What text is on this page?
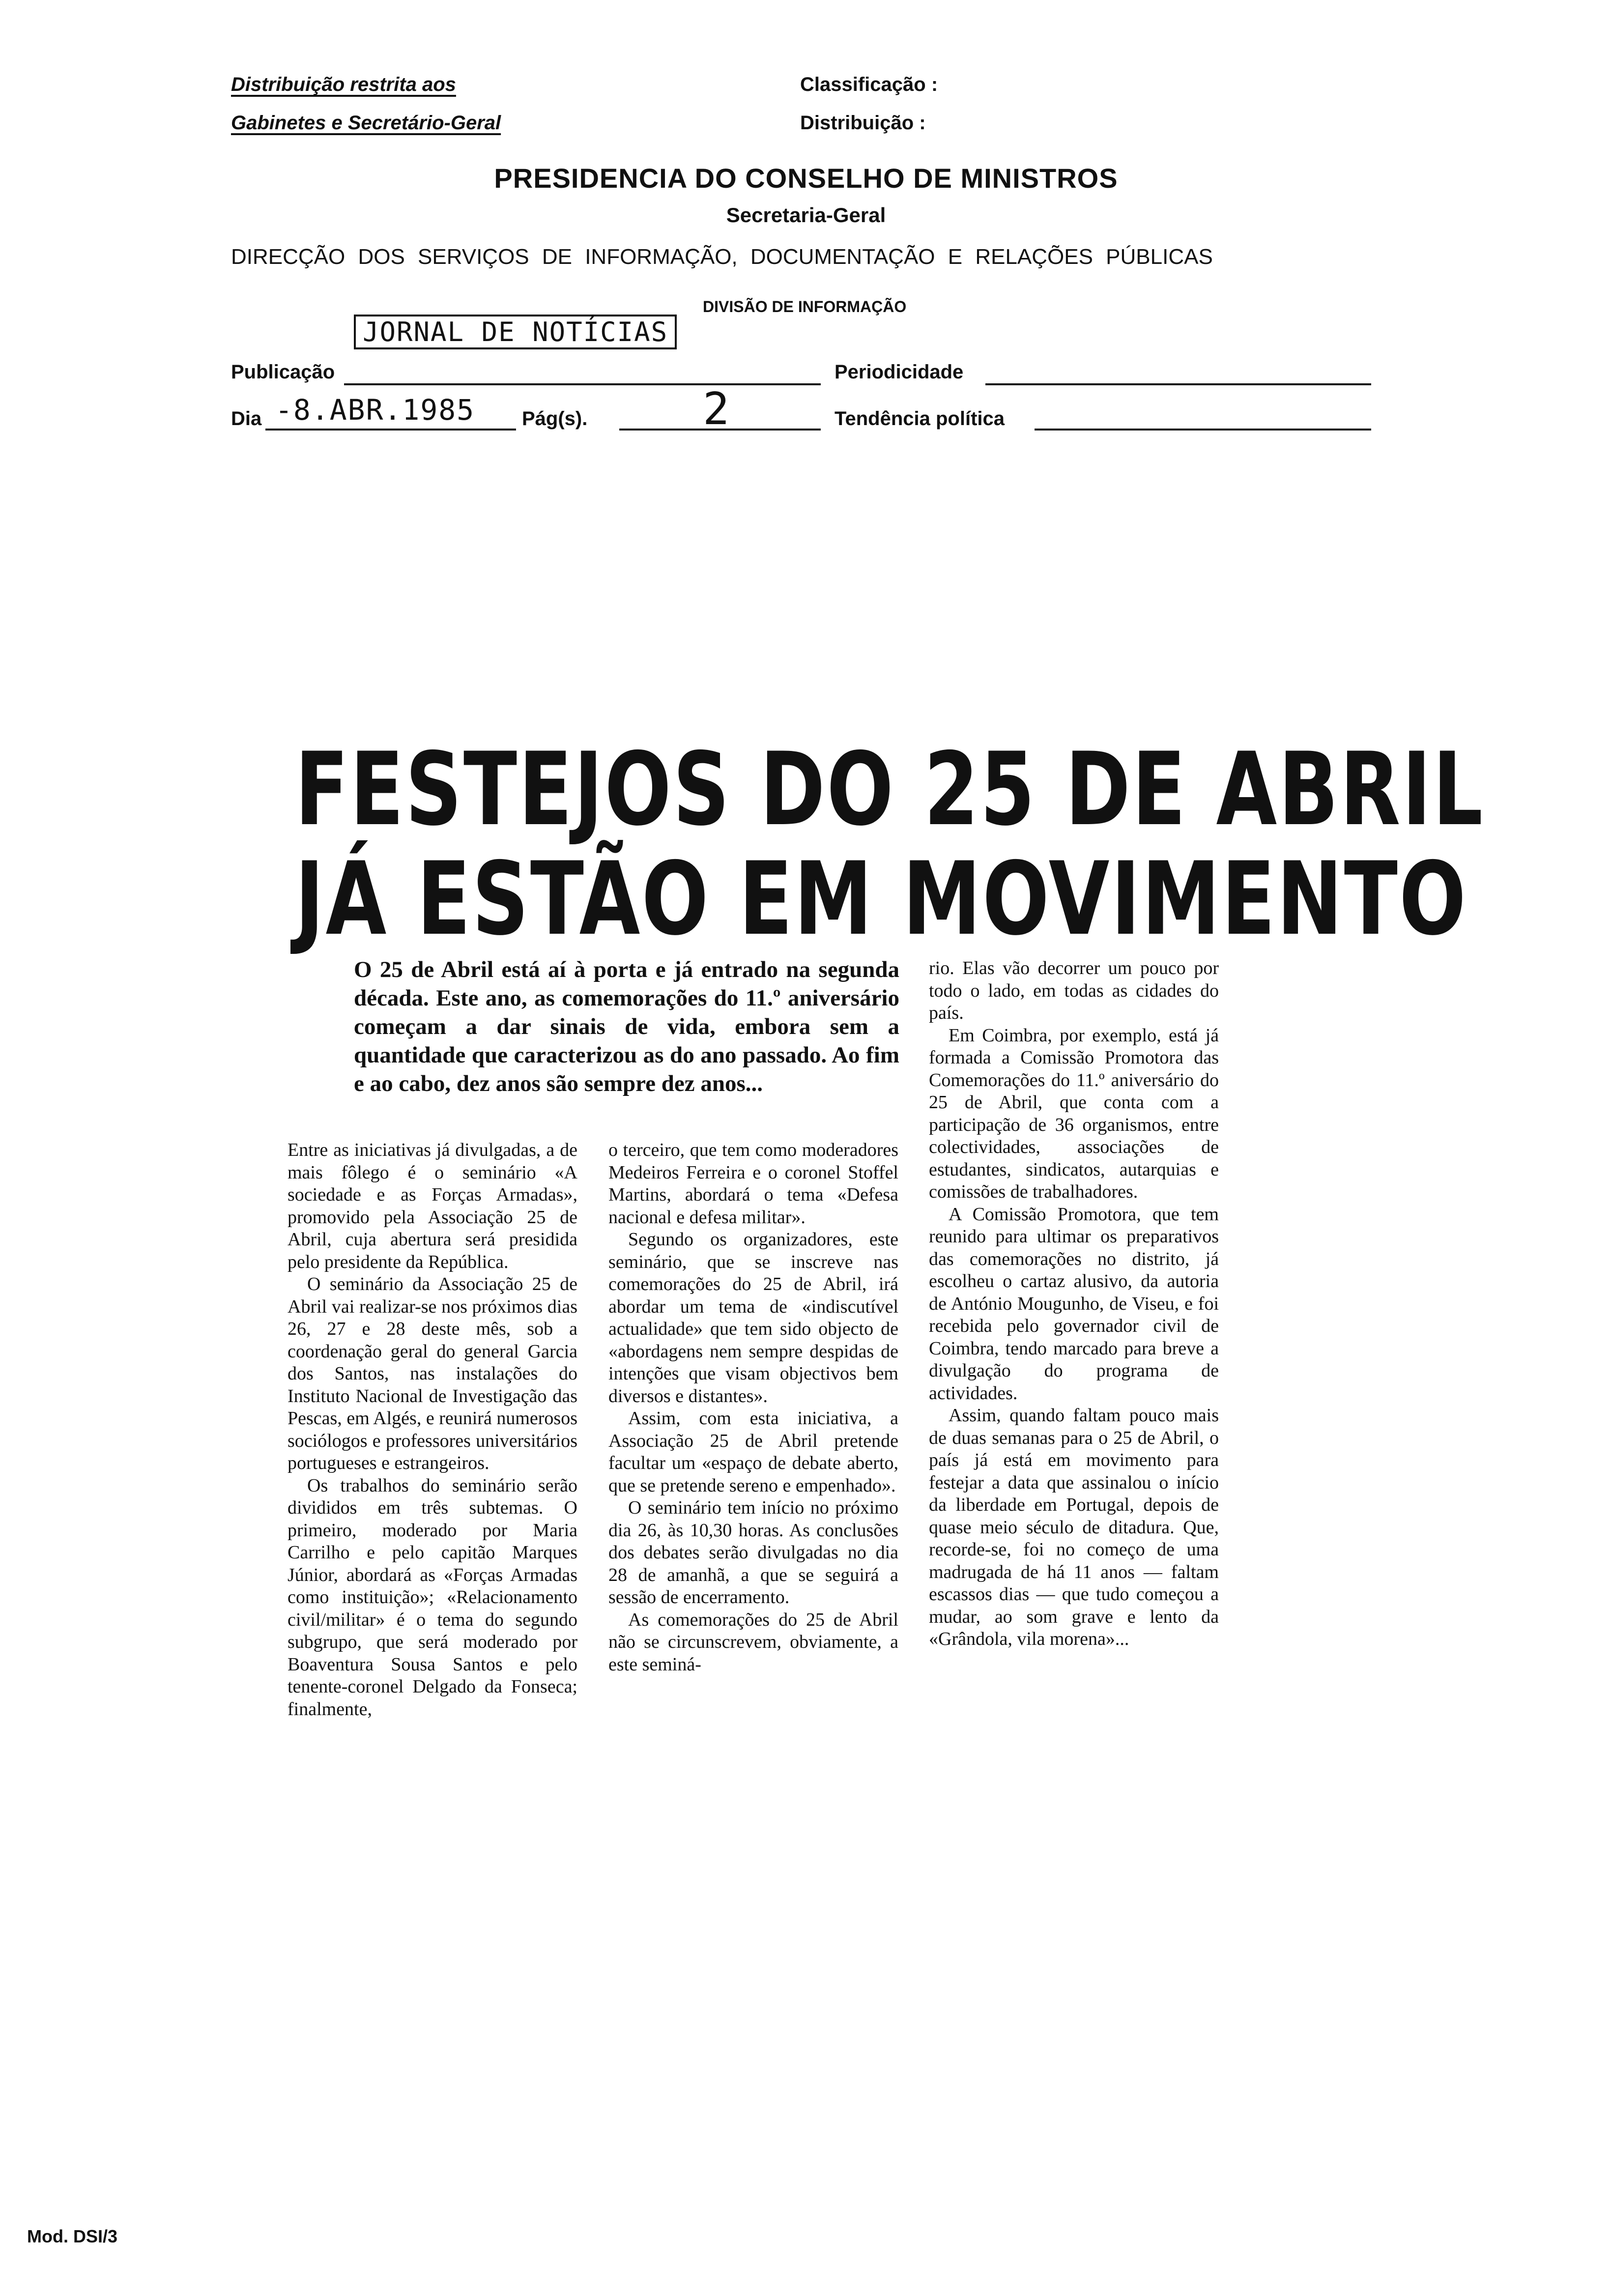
Distribuição restrita aos
Gabinetes e Secretário-Geral
Classificação :
Distribuição :
PRESIDENCIA DO CONSELHO DE MINISTROS
Secretaria-Geral
DIRECÇÃO DOS SERVIÇOS DE INFORMAÇÃO, DOCUMENTAÇÃO E RELAÇÕES PÚBLICAS
DIVISÃO DE INFORMAÇÃO
JORNAL DE NOTÍCIAS
Publicação	Periodicidade
Dia -8.ABR.1985 Pág(s).	2	Tendência política
FESTEJOS DO 25 DE ABRIL
JÁ ESTÃO EM MOVIMENTO
O 25 de Abril está aí à porta e já entrado na segunda década. Este ano, as comemorações do 11.º aniversário começam a dar sinais de vida, embora sem a quantidade que caracterizou as do ano passado. Ao fim e ao cabo, dez anos são sempre dez anos...

Entre as iniciativas já divulgadas, a de mais fôlego é o seminário «A sociedade e as Forças Armadas», promovido pela Associação 25 de Abril, cuja abertura será presidida pelo presidente da República.

O seminário da Associação 25 de Abril vai realizar-se nos próximos dias 26, 27 e 28 deste mês, sob a coordenação geral do general Garcia dos Santos, nas instalações do Instituto Nacional de Investigação das Pescas, em Algés, e reunirá numerosos sociólogos e professores universitários portugueses e estrangeiros.

Os trabalhos do seminário serão divididos em três subtemas. O primeiro, moderado por Maria Carrilho e pelo capitão Marques Júnior, abordará as «Forças Armadas como instituição»; «Relacionamento civil/militar» é o tema do segundo subgrupo, que será moderado por Boaventura Sousa Santos e pelo tenente-coronel Delgado da Fonseca; finalmente,

o terceiro, que tem como moderadores Medeiros Ferreira e o coronel Stoffel Martins, abordará o tema «Defesa nacional e defesa militar».

Segundo os organizadores, este seminário, que se inscreve nas comemorações do 25 de Abril, irá abordar um tema de «indiscutível actualidade» que tem sido objecto de «abordagens nem sempre despidas de intenções que visam objectivos bem diversos e distantes».

Assim, com esta iniciativa, a Associação 25 de Abril pretende facultar um «espaço de debate aberto, que se pretende sereno e empenhado».

O seminário tem início no próximo dia 26, às 10,30 horas. As conclusões dos debates serão divulgadas no dia 28 de amanhã, a que se seguirá a sessão de encerramento.

As comemorações do 25 de Abril não se circunscrevem, obviamente, a este seminá-

rio. Elas vão decorrer um pouco por todo o lado, em todas as cidades do país.

Em Coimbra, por exemplo, está já formada a Comissão Promotora das Comemorações do 11.º aniversário do 25 de Abril, que conta com a participação de 36 organismos, entre colectividades, associações de estudantes, sindicatos, autarquias e comissões de trabalhadores.

A Comissão Promotora, que tem reunido para ultimar os preparativos das comemorações no distrito, já escolheu o cartaz alusivo, da autoria de António Mougunho, de Viseu, e foi recebida pelo governador civil de Coimbra, tendo marcado para breve a divulgação do programa de actividades.

Assim, quando faltam pouco mais de duas semanas para o 25 de Abril, o país já está em movimento para festejar a data que assinalou o início da liberdade em Portugal, depois de quase meio século de ditadura. Que, recorde-se, foi no começo de uma madrugada de há 11 anos — faltam escassos dias — que tudo começou a mudar, ao som grave e lento da «Grândola, vila morena»...

Mod. DSI/3
